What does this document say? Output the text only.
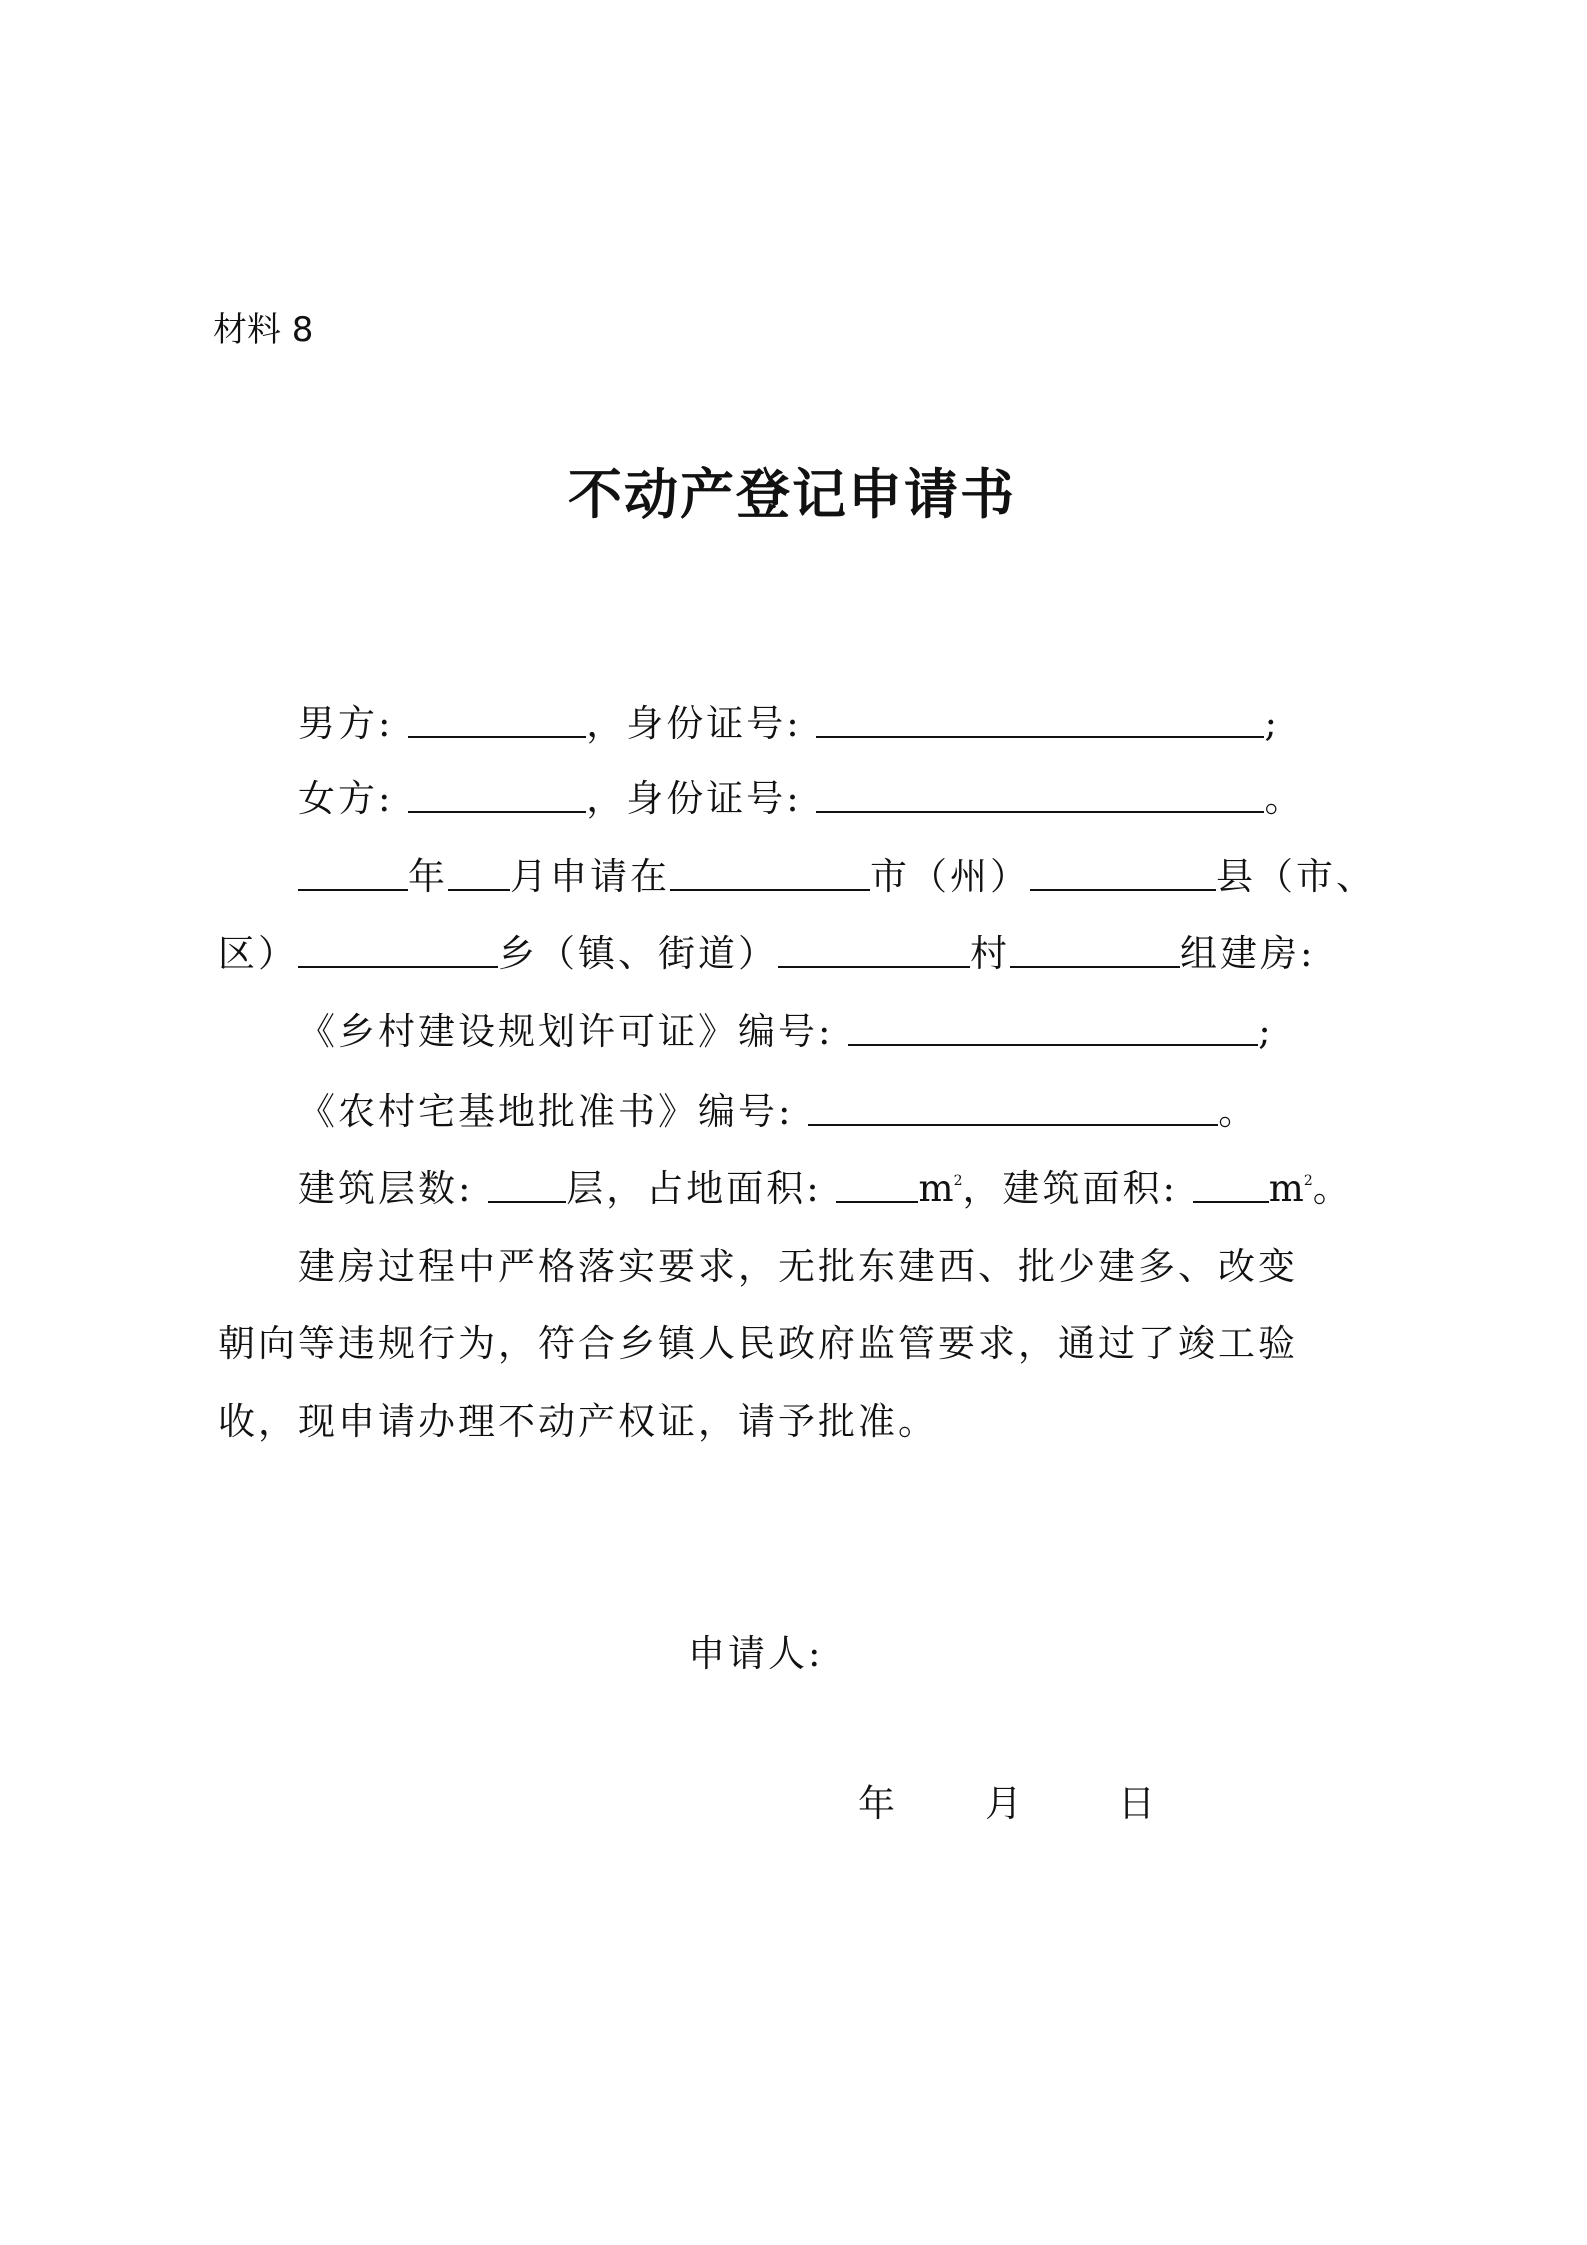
材料 8
不动产登记申请书
男方:	，身份证号:	;
女方:	，身份证号:	。
年 月申请在	市（州）	县（市、
区）	乡（镇、街道）	村	组建房:
《乡村建设规划许可证》编号:	;
《农村宅基地批准书》编号:	。
建筑层数:	层，占地面积:	$m^2$，建筑面积: $m^2$。
建房过程中严格落实要求，无批东建西、批少建多、改变
朝向等违规行为，符合乡镇人民政府监管要求，通过了竣工验
收，现申请办理不动产权证，请予批准。
申请人:
年 月	日
